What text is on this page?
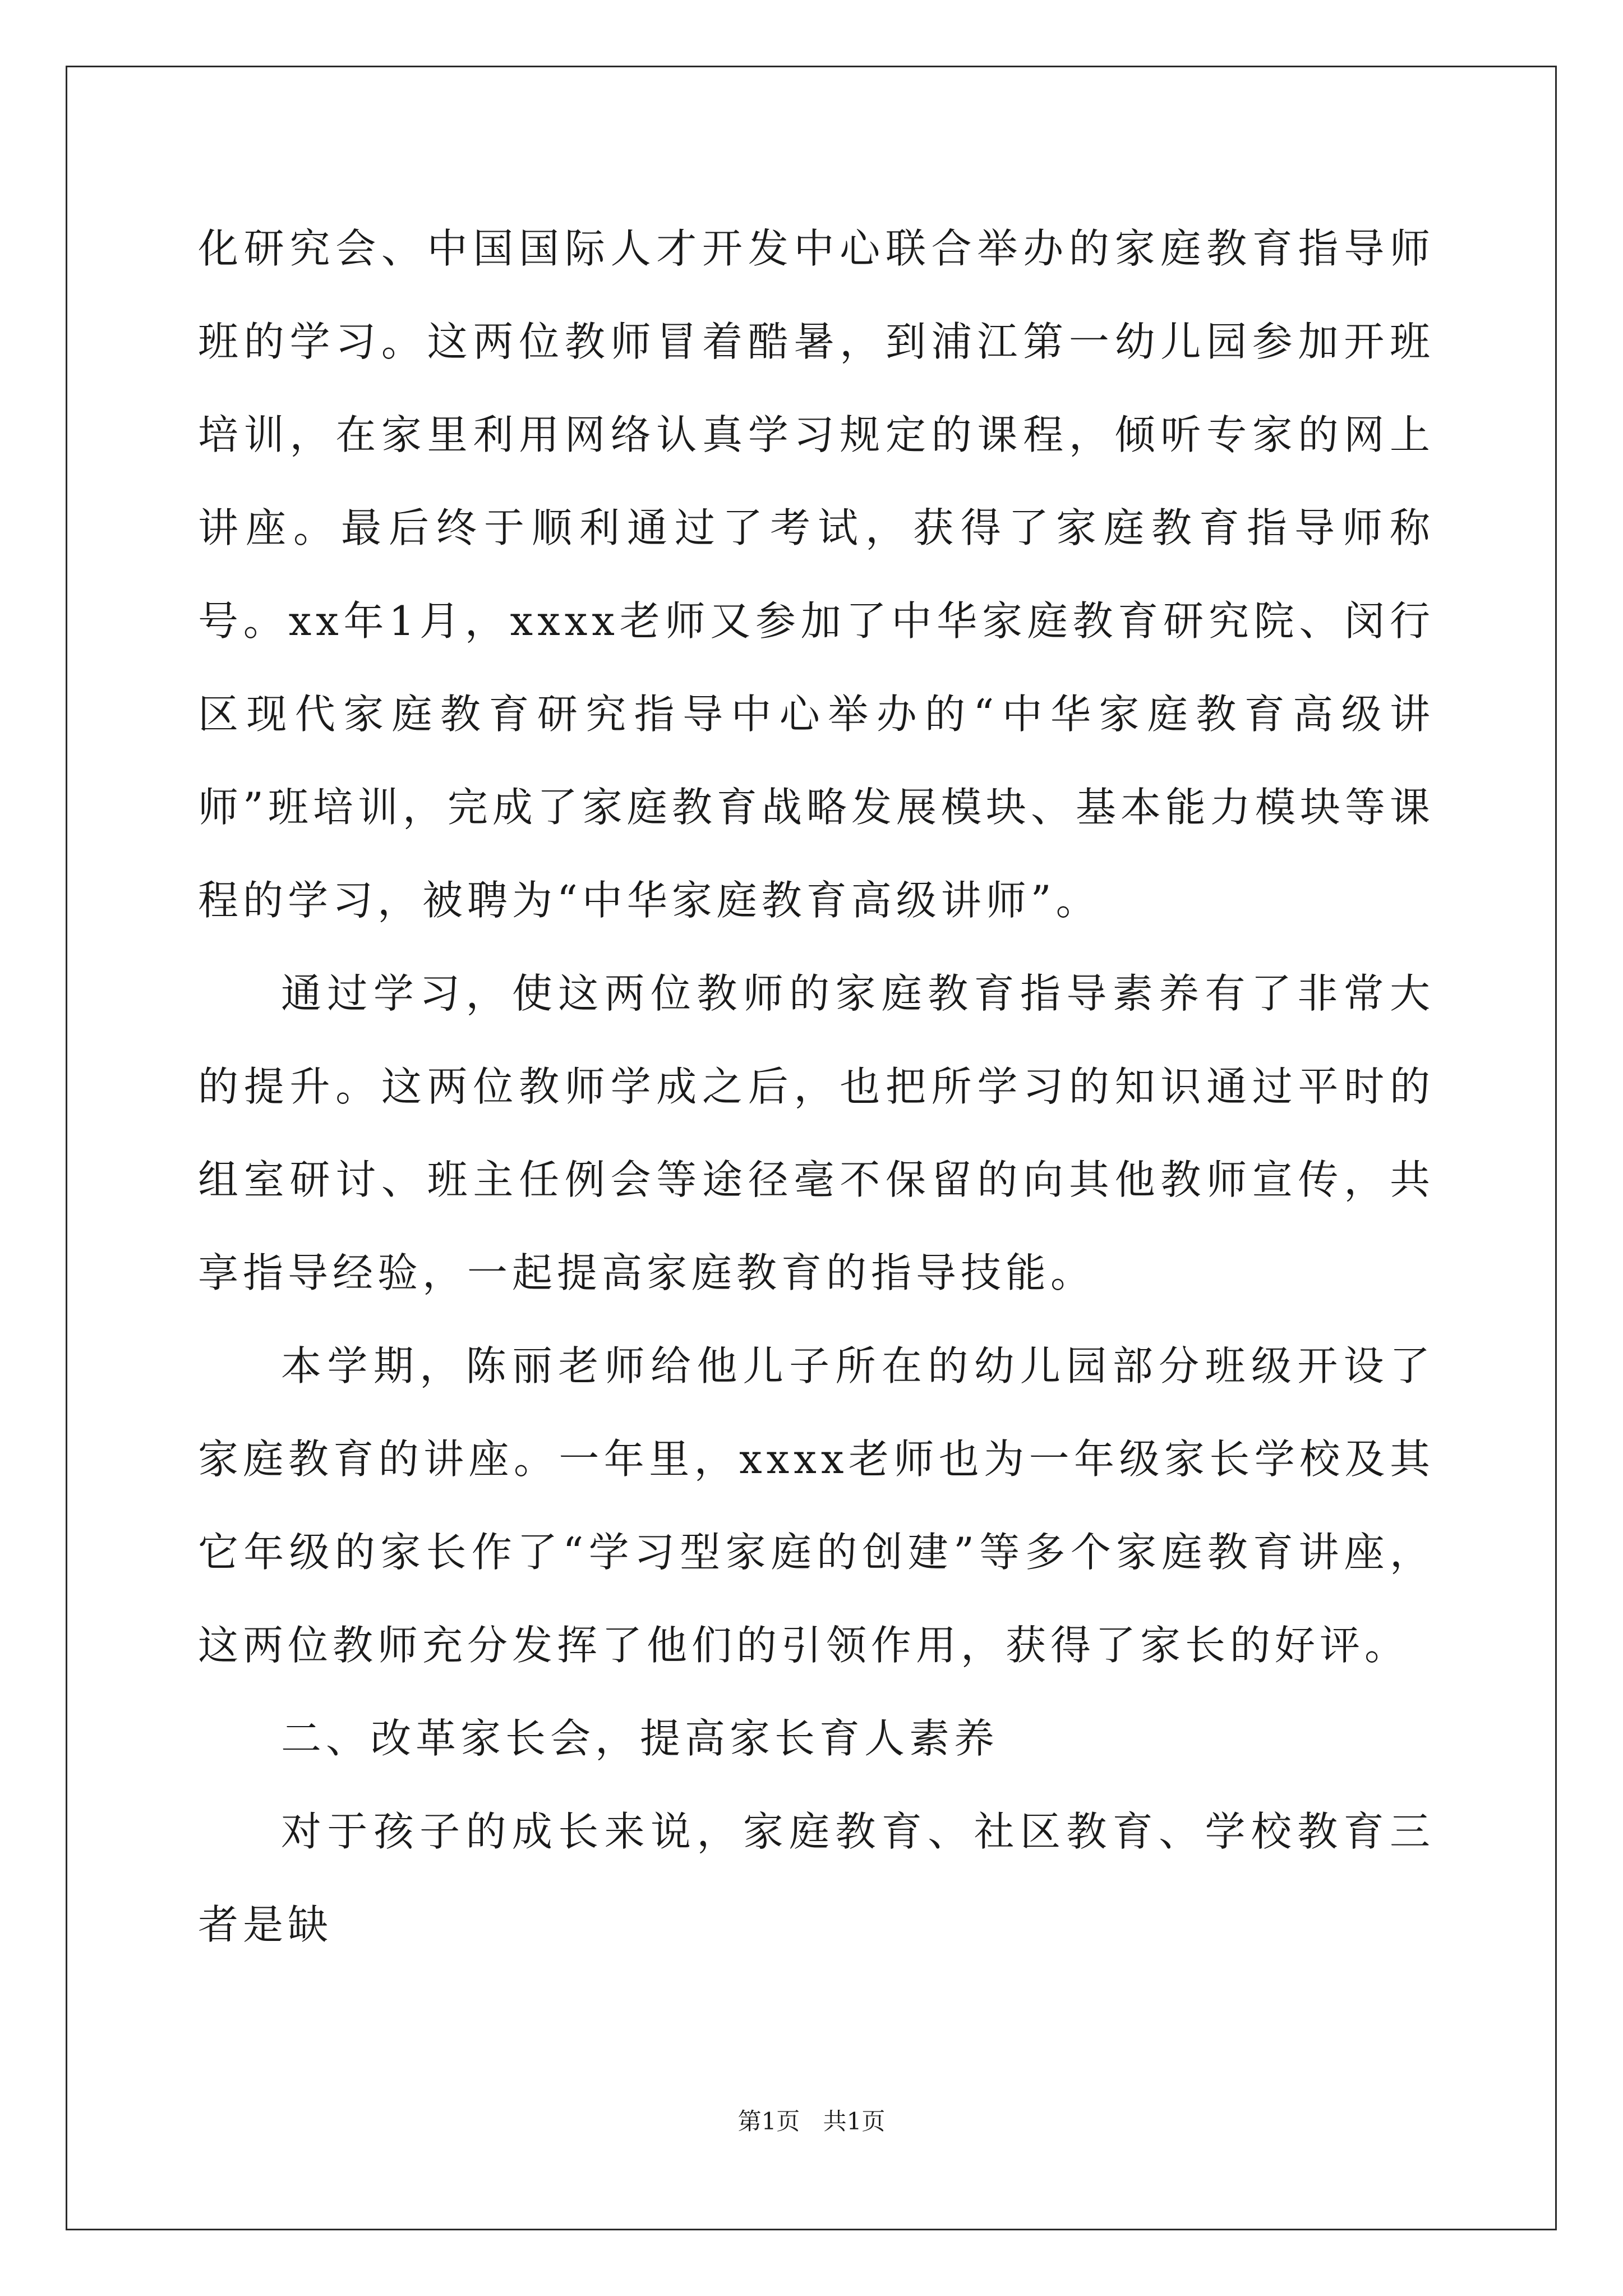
化研究会、中国国际人才开发中心联合举办的家庭教育指导师班的学习。这两位教师冒着酷暑，到浦江第一幼儿园参加开班培训，在家里利用网络认真学习规定的课程，倾听专家的网上讲座。最后终于顺利通过了考试，获得了家庭教育指导师称号。xx年1月，xxxx老师又参加了中华家庭教育研究院、闵行区现代家庭教育研究指导中心举办的“中华家庭教育高级讲师”班培训，完成了家庭教育战略发展模块、基本能力模块等课程的学习，被聘为“中华家庭教育高级讲师”。

通过学习，使这两位教师的家庭教育指导素养有了非常大的提升。这两位教师学成之后，也把所学习的知识通过平时的组室研讨、班主任例会等途径毫不保留的向其他教师宣传，共享指导经验，一起提高家庭教育的指导技能。

本学期，陈丽老师给他儿子所在的幼儿园部分班级开设了家庭教育的讲座。一年里，xxxx老师也为一年级家长学校及其它年级的家长作了“学习型家庭的创建”等多个家庭教育讲座，这两位教师充分发挥了他们的引领作用，获得了家长的好评。

二、改革家长会，提高家长育人素养

对于孩子的成长来说，家庭教育、社区教育、学校教育三者是缺

第1页 共1页
